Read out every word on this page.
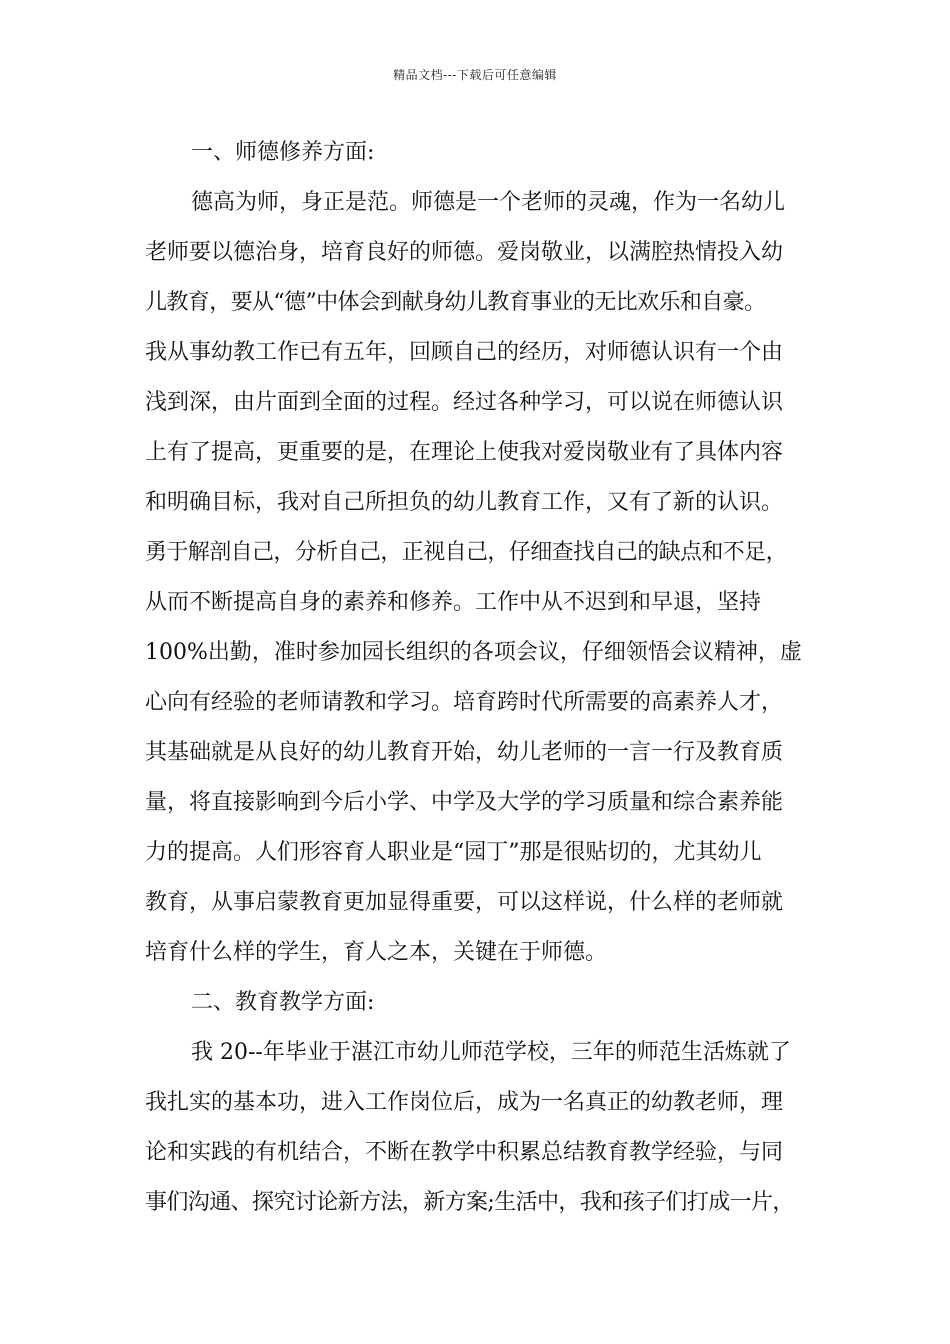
精品文档---下载后可任意编辑
一、师德修养方面:
德高为师，身正是范。师德是一个老师的灵魂，作为一名幼儿
老师要以德治身，培育良好的师德。爱岗敬业，以满腔热情投入幼
儿教育，要从“德”中体会到献身幼儿教育事业的无比欢乐和自豪。
我从事幼教工作已有五年，回顾自己的经历，对师德认识有一个由
浅到深，由片面到全面的过程。经过各种学习，可以说在师德认识
上有了提高，更重要的是，在理论上使我对爱岗敬业有了具体内容
和明确目标，我对自己所担负的幼儿教育工作，又有了新的认识。
勇于解剖自己，分析自己，正视自己，仔细查找自己的缺点和不足，
从而不断提高自身的素养和修养。工作中从不迟到和早退，坚持
100%出勤，准时参加园长组织的各项会议，仔细领悟会议精神，虚
心向有经验的老师请教和学习。培育跨时代所需要的高素养人才，
其基础就是从良好的幼儿教育开始，幼儿老师的一言一行及教育质
量，将直接影响到今后小学、中学及大学的学习质量和综合素养能
力的提高。人们形容育人职业是“园丁”那是很贴切的，尤其幼儿
教育，从事启蒙教育更加显得重要，可以这样说，什么样的老师就
培育什么样的学生，育人之本，关键在于师德。
二、教育教学方面:
我 20--年毕业于湛江市幼儿师范学校，三年的师范生活炼就了
我扎实的基本功，进入工作岗位后，成为一名真正的幼教老师，理
论和实践的有机结合，不断在教学中积累总结教育教学经验，与同
事们沟通、探究讨论新方法，新方案;生活中，我和孩子们打成一片，
